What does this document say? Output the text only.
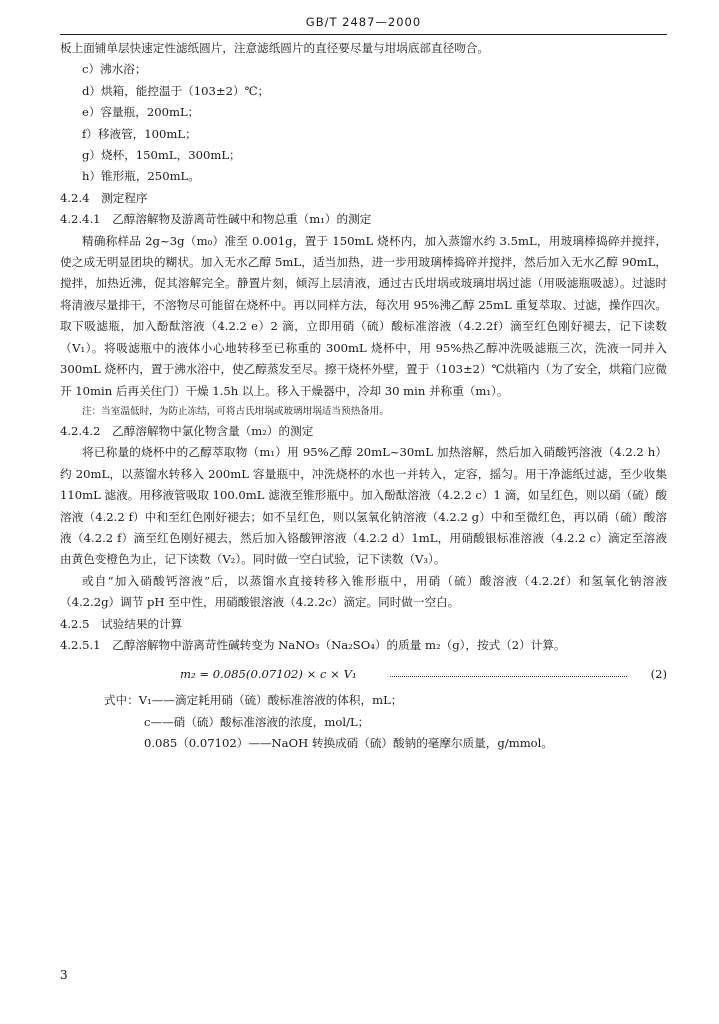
GB/T 2487—2000

板上面铺单层快速定性滤纸圆片，注意滤纸圆片的直径要尽量与坩埚底部直径吻合。

c）沸水浴；

d）烘箱，能控温于（103±2）℃；

e）容量瓶，200mL；

f）移液管，100mL；

g）烧杯，150mL，300mL；

h）锥形瓶，250mL。

4.2.4　测定程序

4.2.4.1　乙醇溶解物及游离苛性碱中和物总重（m₁）的测定

精确称样品 2g~3g（m₀）准至 0.001g，置于 150mL 烧杯内，加入蒸馏水约 3.5mL，用玻璃棒捣碎并搅拌，使之成无明显团块的糊状。加入无水乙醇 5mL，适当加热，进一步用玻璃棒捣碎并搅拌，然后加入无水乙醇 90mL，搅拌，加热近沸，促其溶解完全。静置片刻，倾泻上层清液，通过古氏坩埚或玻璃坩埚过滤（用吸滤瓶吸滤）。过滤时将清液尽量排干，不溶物尽可能留在烧杯中。再以同样方法，每次用 95%沸乙醇 25mL 重复萃取、过滤，操作四次。取下吸滤瓶，加入酚酞溶液（4.2.2 e）2 滴，立即用硝（硫）酸标准溶液（4.2.2f）滴至红色刚好褪去，记下读数（V₁）。将吸滤瓶中的液体小心地转移至已称重的 300mL 烧杯中，用 95%热乙醇冲洗吸滤瓶三次，洗液一同并入 300mL 烧杯内，置于沸水浴中，使乙醇蒸发至尽。擦干烧杯外壁，置于（103±2）℃烘箱内（为了安全，烘箱门应微开 10min 后再关住门）干燥 1.5h 以上。移入干燥器中，冷却 30 min 并称重（m₁）。

注：当室温低时，为防止冻结，可将古氏坩埚或玻璃坩埚适当预热备用。

4.2.4.2　乙醇溶解物中氯化物含量（m₂）的测定

将已称量的烧杯中的乙醇萃取物（m₁）用 95%乙醇 20mL~30mL 加热溶解，然后加入硝酸钙溶液（4.2.2 h）约 20mL，以蒸馏水转移入 200mL 容量瓶中，冲洗烧杯的水也一并转入，定容，摇匀。用干净滤纸过滤，至少收集 110mL 滤液。用移液管吸取 100.0mL 滤液至锥形瓶中。加入酚酞溶液（4.2.2 c）1 滴，如呈红色，则以硝（硫）酸溶液（4.2.2 f）中和至红色刚好褪去；如不呈红色，则以氢氧化钠溶液（4.2.2 g）中和至微红色，再以硝（硫）酸溶液（4.2.2 f）滴至红色刚好褪去，然后加入铬酸钾溶液（4.2.2 d）1mL，用硝酸银标准溶液（4.2.2 c）滴定至溶液由黄色变橙色为止，记下读数（V₂）。同时做一空白试验，记下读数（V₃）。

或自“加入硝酸钙溶液”后，以蒸馏水直接转移入锥形瓶中，用硝（硫）酸溶液（4.2.2f）和氢氧化钠溶液（4.2.2g）调节 pH 至中性，用硝酸银溶液（4.2.2c）滴定。同时做一空白。

4.2.5　试验结果的计算

4.2.5.1　乙醇溶解物中游离苛性碱转变为 NaNO₃（Na₂SO₄）的质量 m₂（g），按式（2）计算。

m₂ = 0.085(0.07102) × c × V₁	(2)

式中：V₁——滴定耗用硝（硫）酸标准溶液的体积，mL；

c——硝（硫）酸标准溶液的浓度，mol/L；

0.085（0.07102）——NaOH 转换成硝（硫）酸钠的毫摩尔质量，g/mmol。

3
